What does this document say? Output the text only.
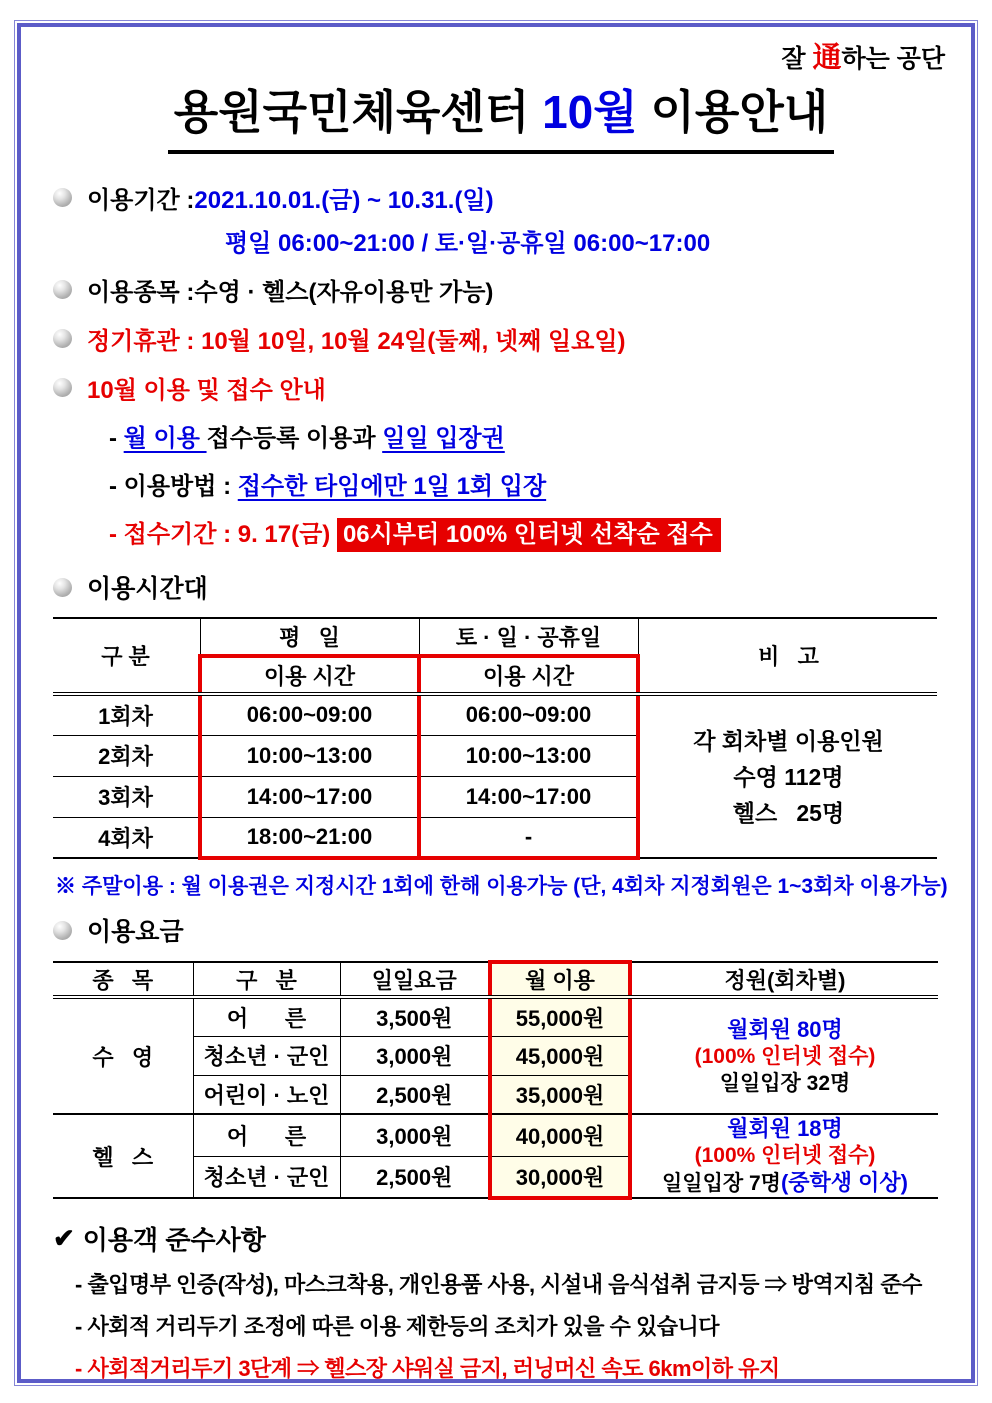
잘 通하는 공단
용원국민체육센터 10월 이용안내
이용기간 : 2021.10.01.(금) ~ 10.31.(일)
평일 06:00~21:00 / 토·일·공휴일 06:00~17:00
이용종목 : 수영 · 헬스(자유이용만 가능)
정기휴관 : 10월 10일, 10월 24일(둘째, 넷째 일요일)
10월 이용 및 접수 안내
- 월 이용 접수등록 이용과 일일 입장권
- 이용방법 : 접수한 타임에만 1일 1회 입장
- 접수기간 : 9. 17(금) 06시부터 100% 인터넷 선착순 접수
이용시간대
구 분	평   일	토 · 일 · 공휴일	비   고
	이용 시간	이용 시간	
1회차	06:00~09:00	06:00~09:00	각 회차별 이용인원
수영 112명
헬스   25명

2회차	10:00~13:00	10:00~13:00	
3회차	14:00~17:00	14:00~17:00	
4회차	18:00~21:00	-	
※ 주말이용 : 월 이용권은 지정시간 1회에 한해 이용가능 (단, 4회차 지정회원은 1~3회차 이용가능)
이용요금
종   목	구   분	일일요금	월 이용	정원(회차별)
수   영	어      른	3,500원	55,000원	월회원 80명
(100% 인터넷 접수)
일일입장 32명

	청소년 · 군인	3,000원	45,000원	
	어린이 · 노인	2,500원	35,000원	
헬   스	어      른	3,000원	40,000원	월회원 18명
(100% 인터넷 접수)
일일입장 7명(중학생 이상)

	청소년 · 군인	2,500원	30,000원	
✔ 이용객 준수사항
- 출입명부 인증(작성), 마스크착용, 개인용품 사용, 시설내 음식섭취 금지등 ⇒ 방역지침 준수
- 사회적 거리두기 조정에 따른 이용 제한등의 조치가 있을 수 있습니다
- 사회적거리두기 3단계 ⇒ 헬스장 샤워실 금지, 러닝머신 속도 6km이하 유지
